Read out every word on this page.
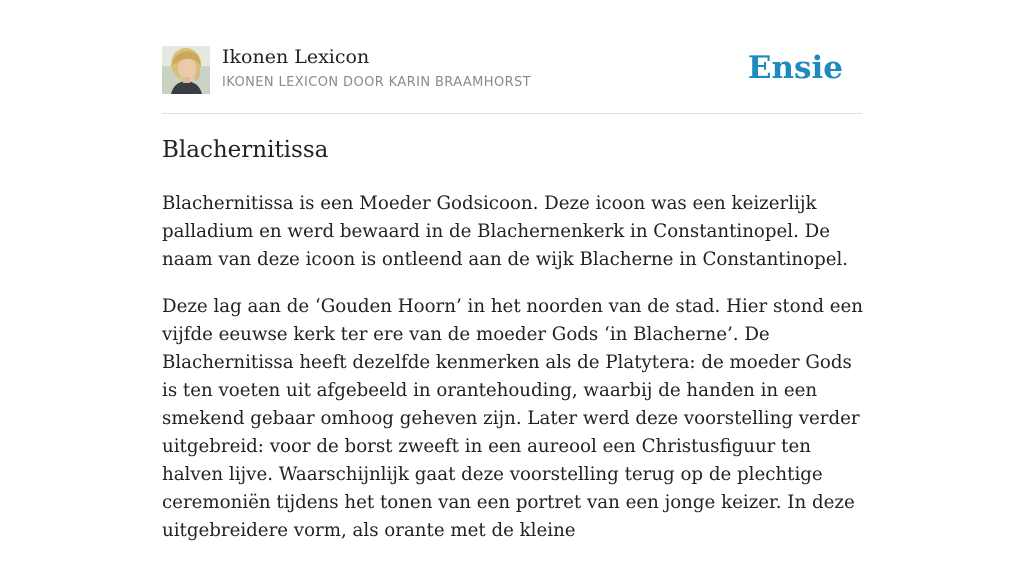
Ikonen Lexicon
IKONEN LEXICON DOOR KARIN BRAAMHORST	Ensie
Blachernitissa

Blachernitissa is een Moeder Godsicoon. Deze icoon was een keizerlijk palladium en werd bewaard in de Blachernenkerk in Constantinopel. De naam van deze icoon is ontleend aan de wijk Blacherne in Constantinopel.

Deze lag aan de ‘Gouden Hoorn’ in het noorden van de stad. Hier stond een vijfde eeuwse kerk ter ere van de moeder Gods ‘in Blacherne’. De Blachernitissa heeft dezelfde kenmerken als de Platytera: de moeder Gods is ten voeten uit afgebeeld in orantehouding, waarbij de handen in een smekend gebaar omhoog geheven zijn. Later werd deze voorstelling verder uitgebreid: voor de borst zweeft in een aureool een Christusfiguur ten halven lijve. Waarschijnlijk gaat deze voorstelling terug op de plechtige ceremoniën tijdens het tonen van een portret van een jonge keizer. In deze uitgebreidere vorm, als orante met de kleine
